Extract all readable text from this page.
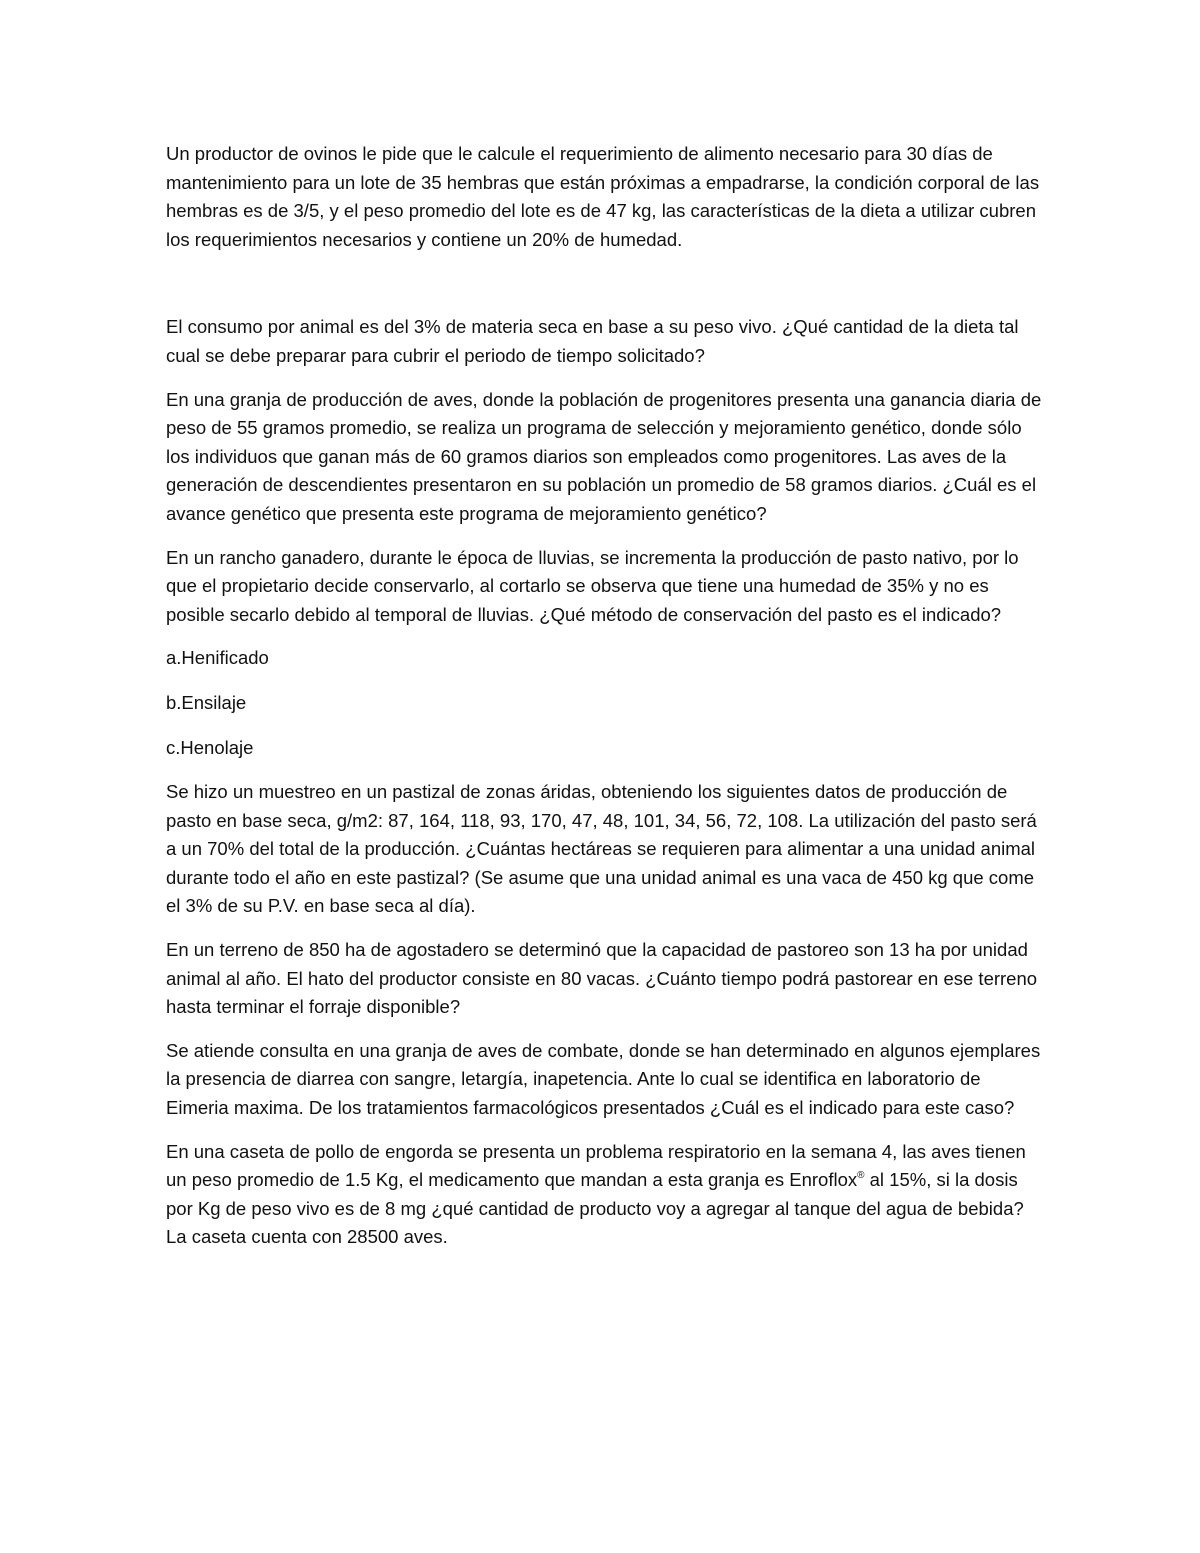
Un productor de ovinos le pide que le calcule el requerimiento de alimento necesario para 30 días de mantenimiento para un lote de 35 hembras que están próximas a empadrarse, la condición corporal de las hembras es de 3/5, y el peso promedio del lote es de 47 kg, las características de la dieta a utilizar cubren los requerimientos necesarios y contiene un 20% de humedad.

El consumo por animal es del 3% de materia seca en base a su peso vivo. ¿Qué cantidad de la dieta tal cual se debe preparar para cubrir el periodo de tiempo solicitado?

En una granja de producción de aves, donde la población de progenitores presenta una ganancia diaria de peso de 55 gramos promedio, se realiza un programa de selección y mejoramiento genético, donde sólo los individuos que ganan más de 60 gramos diarios son empleados como progenitores. Las aves de la generación de descendientes presentaron en su población un promedio de 58 gramos diarios. ¿Cuál es el avance genético que presenta este programa de mejoramiento genético?

En un rancho ganadero, durante le época de lluvias, se incrementa la producción de pasto nativo, por lo que el propietario decide conservarlo, al cortarlo se observa que tiene una humedad de 35% y no es posible secarlo debido al temporal de lluvias. ¿Qué método de conservación del pasto es el indicado?

a.Henificado

b.Ensilaje

c.Henolaje

Se hizo un muestreo en un pastizal de zonas áridas, obteniendo los siguientes datos de producción de pasto en base seca, g/m2: 87, 164, 118, 93, 170, 47, 48, 101, 34, 56, 72, 108. La utilización del pasto será a un 70% del total de la producción. ¿Cuántas hectáreas se requieren para alimentar a una unidad animal durante todo el año en este pastizal? (Se asume que una unidad animal es una vaca de 450 kg que come el 3% de su P.V. en base seca al día).

En un terreno de 850 ha de agostadero se determinó que la capacidad de pastoreo son 13 ha por unidad animal al año. El hato del productor consiste en 80 vacas. ¿Cuánto tiempo podrá pastorear en ese terreno hasta terminar el forraje disponible?

Se atiende consulta en una granja de aves de combate, donde se han determinado en algunos ejemplares la presencia de diarrea con sangre, letargía, inapetencia. Ante lo cual se identifica en laboratorio de Eimeria maxima. De los tratamientos farmacológicos presentados ¿Cuál es el indicado para este caso?

En una caseta de pollo de engorda se presenta un problema respiratorio en la semana 4, las aves tienen un peso promedio de 1.5 Kg, el medicamento que mandan a esta granja es Enroflox® al 15%, si la dosis por Kg de peso vivo es de 8 mg ¿qué cantidad de producto voy a agregar al tanque del agua de bebida? La caseta cuenta con 28500 aves.
